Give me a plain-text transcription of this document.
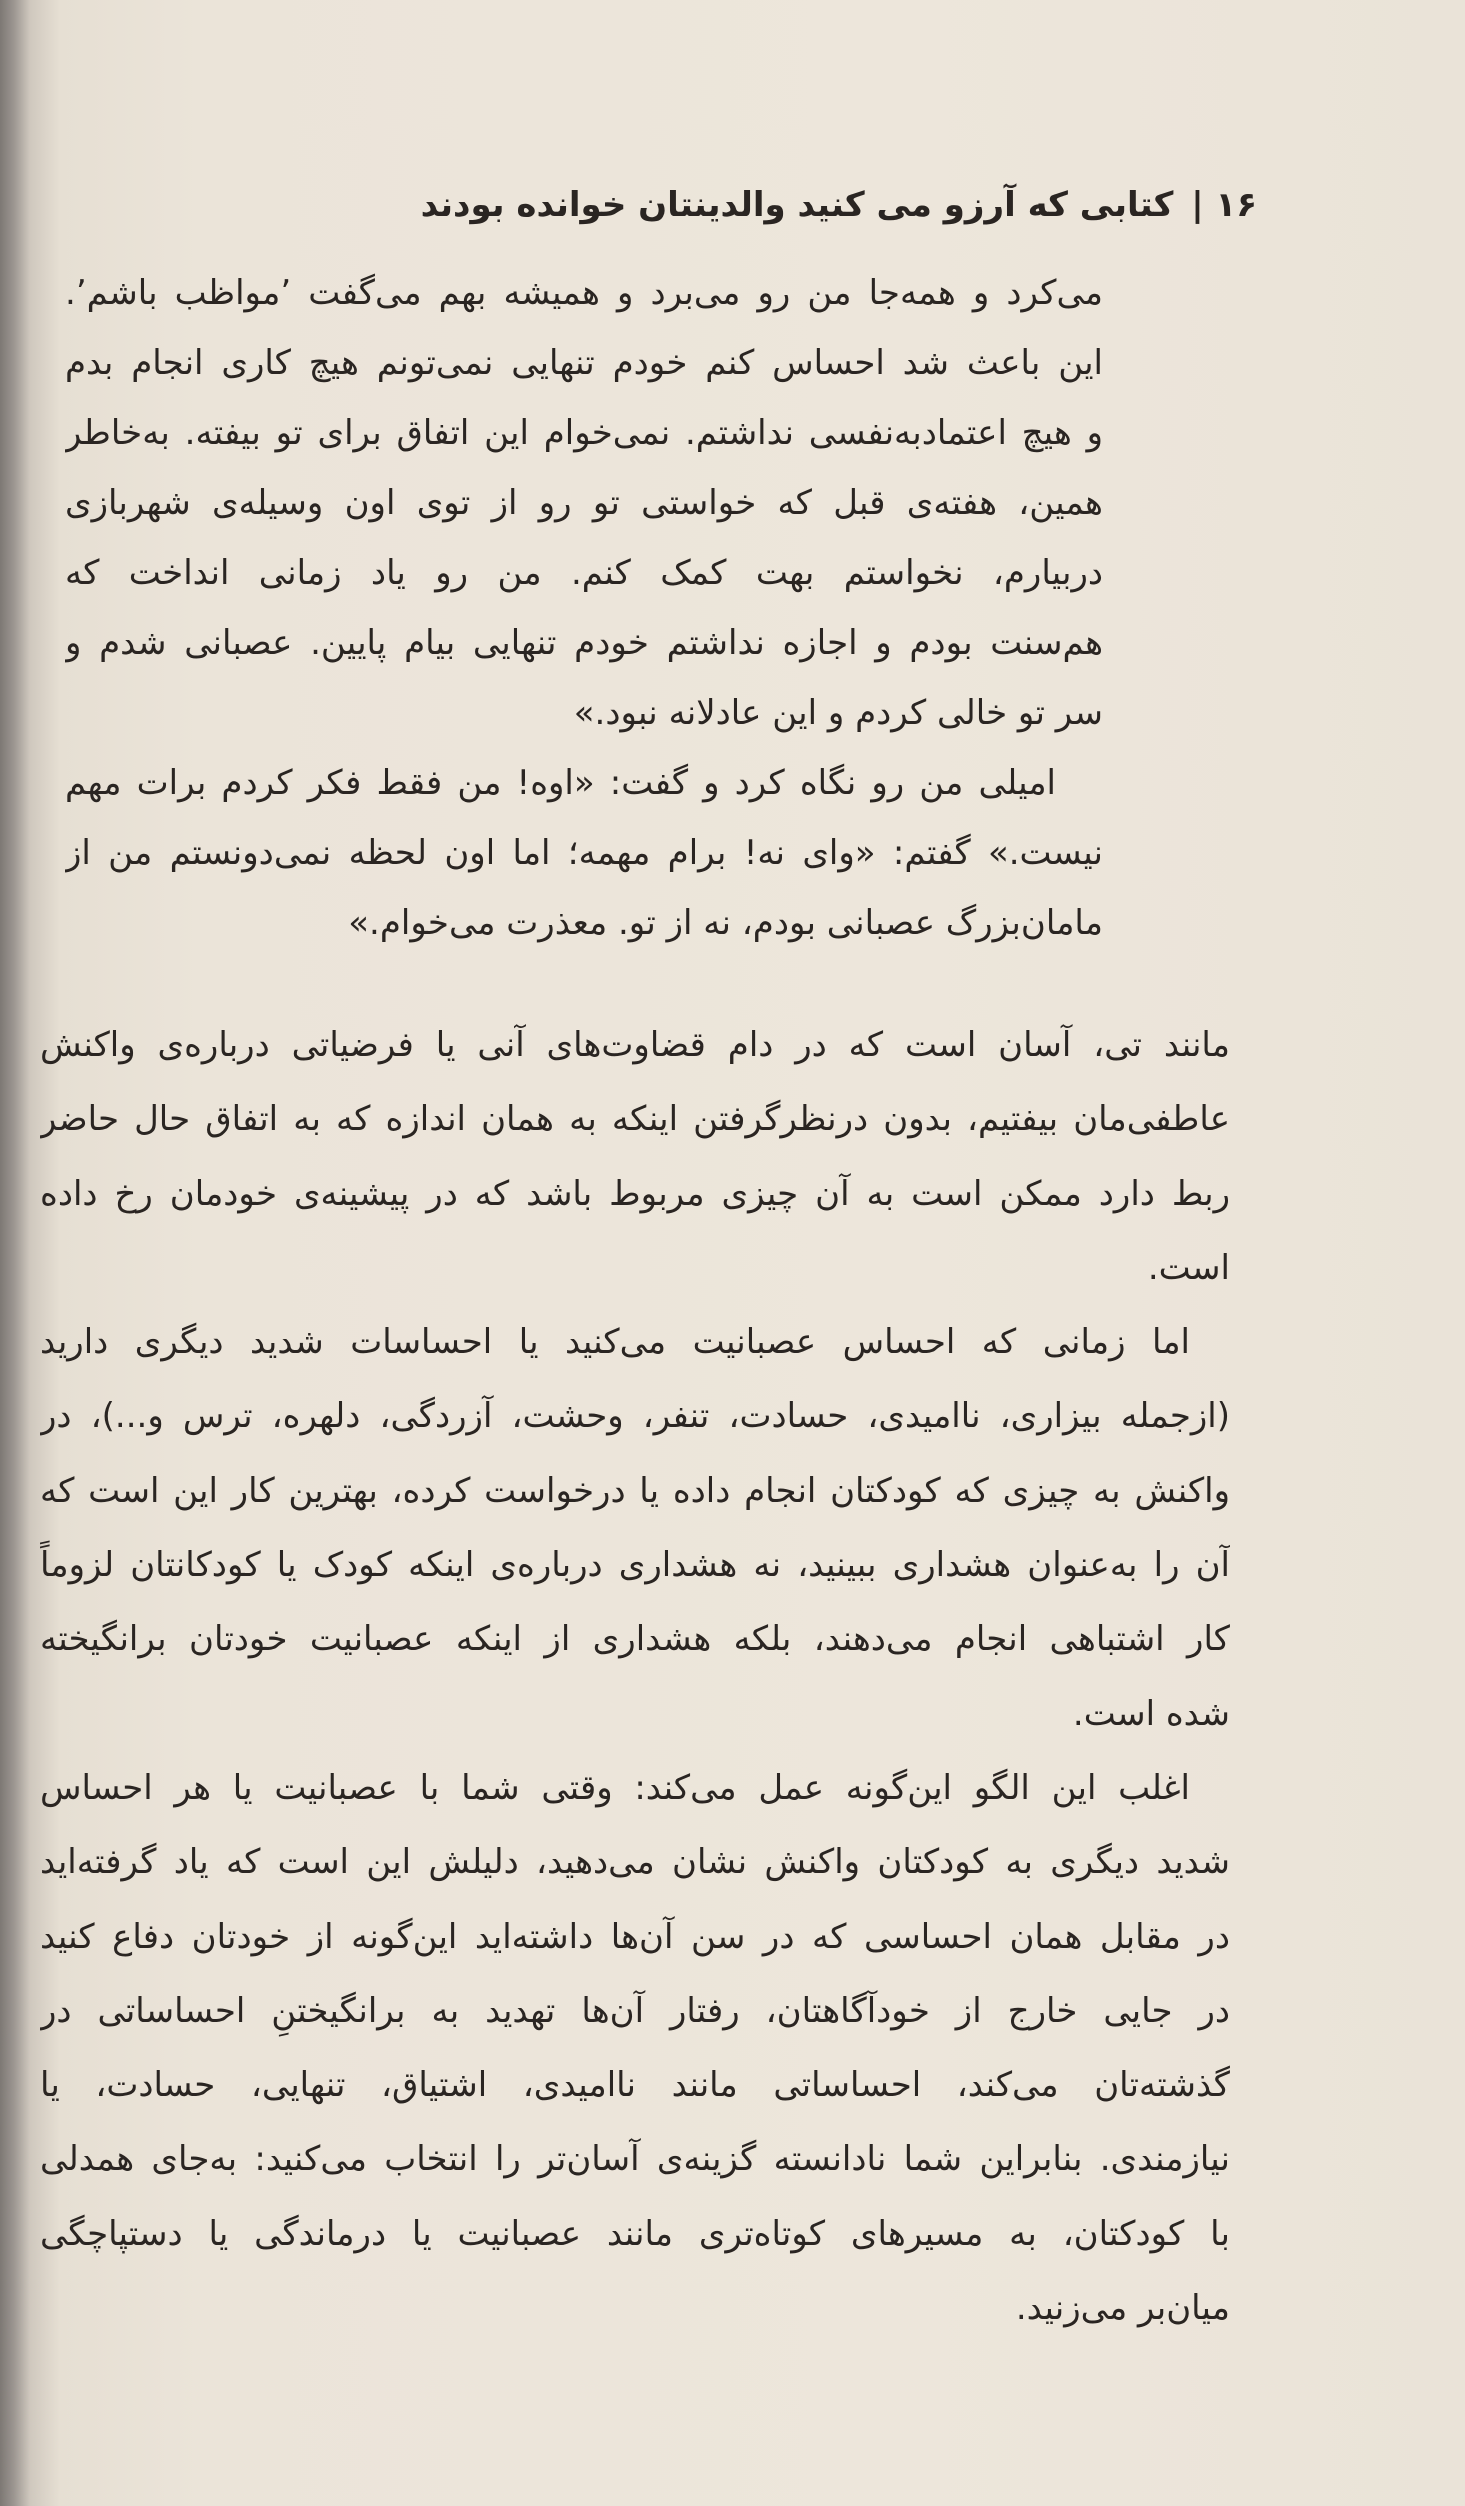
۱۶ | کتابی که آرزو می کنید والدینتان خوانده بودند
می‌کرد و همه‌جا من رو می‌برد و همیشه بهم می‌گفت ٬مواظب باشم٬.
این باعث شد احساس کنم خودم تنهایی نمی‌تونم هیچ کاری انجام بدم
و هیچ اعتمادبه‌نفسی نداشتم. نمی‌خوام این اتفاق برای تو بیفته. به‌خاطر
همین، هفته‌ی قبل که خواستی تو رو از توی اون وسیله‌ی شهربازی
دربیارم، نخواستم بهت کمک کنم. من رو یاد زمانی انداخت که
هم‌سنت بودم و اجازه نداشتم خودم تنهایی بیام پایین. عصبانی شدم و
سر تو خالی کردم و این عادلانه نبود.»
امیلی من رو نگاه کرد و گفت: «اوه! من فقط فکر کردم برات مهم
نیست.» گفتم: «وای نه! برام مهمه؛ اما اون لحظه نمی‌دونستم من از
مامان‌بزرگ عصبانی بودم، نه از تو. معذرت می‌خوام.»
مانند تی، آسان است که در دام قضاوت‌های آنی یا فرضیاتی درباره‌ی واکنش
عاطفی‌مان بیفتیم، بدون درنظرگرفتن اینکه به همان اندازه که به اتفاق حال حاضر
ربط دارد ممکن است به آن چیزی مربوط باشد که در پیشینه‌ی خودمان رخ داده
است.
اما زمانی که احساس عصبانیت می‌کنید یا احساسات شدید دیگری دارید
(ازجمله بیزاری، ناامیدی، حسادت، تنفر، وحشت، آزردگی، دلهره، ترس و...)، در
واکنش به چیزی که کودکتان انجام داده یا درخواست کرده، بهترین کار این است که
آن را به‌عنوان هشداری ببینید، نه هشداری درباره‌ی اینکه کودک یا کودکانتان لزوماً
کار اشتباهی انجام می‌دهند، بلکه هشداری از اینکه عصبانیت خودتان برانگیخته
شده است.
اغلب این الگو این‌گونه عمل می‌کند: وقتی شما با عصبانیت یا هر احساس
شدید دیگری به کودکتان واکنش نشان می‌دهید، دلیلش این است که یاد گرفته‌اید
در مقابل همان احساسی که در سن آن‌ها داشته‌اید این‌گونه از خودتان دفاع کنید
در جایی خارج از خودآگاهتان، رفتار آن‌ها تهدید به برانگیختنِ احساساتی در
گذشته‌تان می‌کند، احساساتی مانند ناامیدی، اشتیاق، تنهایی، حسادت، یا
نیازمندی. بنابراین شما نادانسته گزینه‌ی آسان‌تر را انتخاب می‌کنید: به‌جای همدلی
با کودکتان، به مسیرهای کوتاه‌تری مانند عصبانیت یا درماندگی یا دستپاچگی
میان‌بر می‌زنید.
